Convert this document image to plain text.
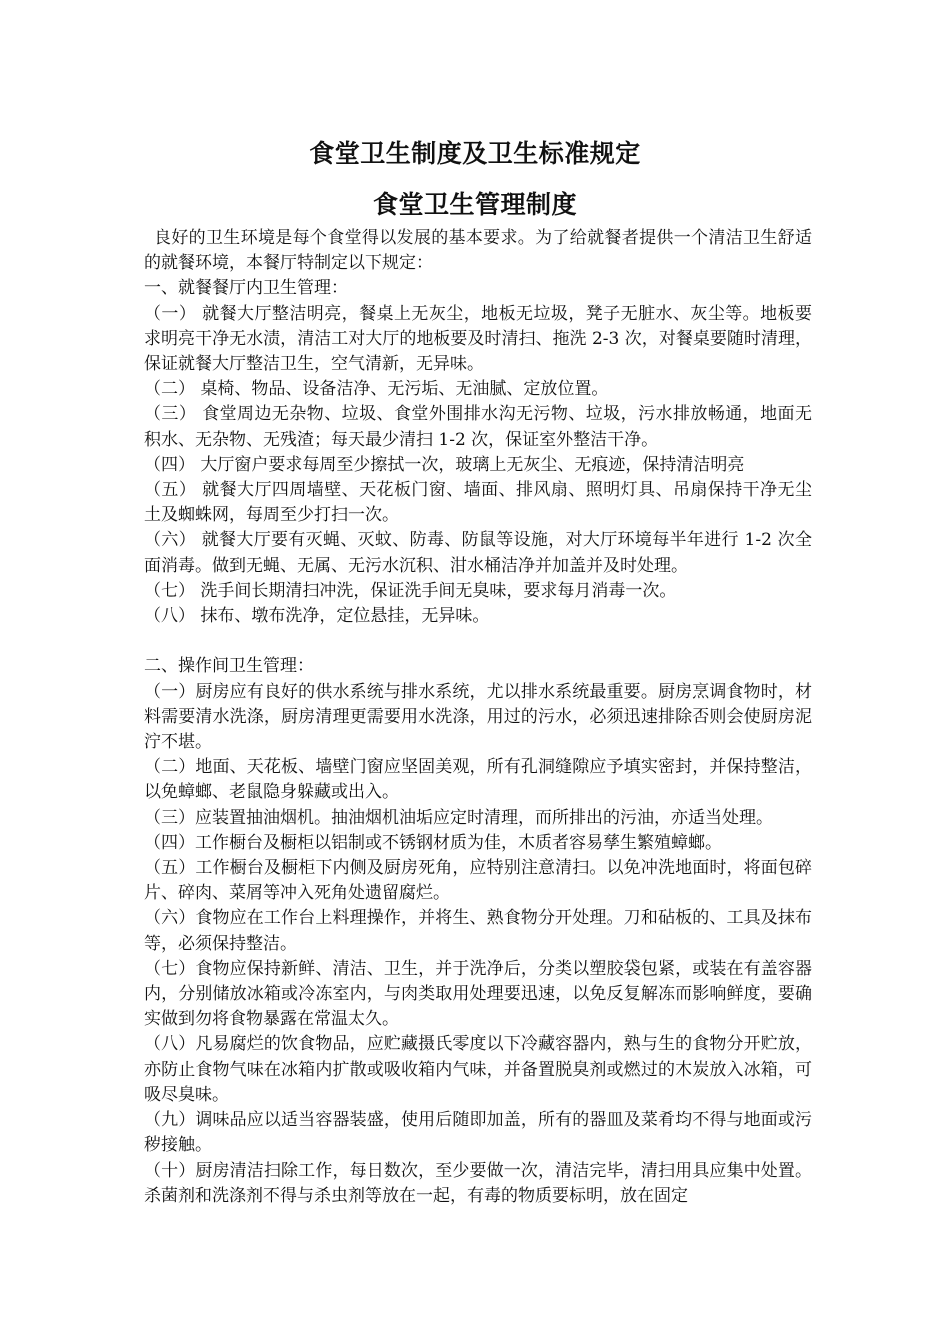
食堂卫生制度及卫生标准规定
食堂卫生管理制度

良好的卫生环境是每个食堂得以发展的基本要求。为了给就餐者提供一个清洁卫生舒适的就餐环境，本餐厅特制定以下规定：

一、就餐餐厅内卫生管理：

（一） 就餐大厅整洁明亮，餐桌上无灰尘，地板无垃圾，凳子无脏水、灰尘等。地板要求明亮干净无水渍，清洁工对大厅的地板要及时清扫、拖洗 2-3 次，对餐桌要随时清理，保证就餐大厅整洁卫生，空气清新，无异味。

（二） 桌椅、物品、设备洁净、无污垢、无油腻、定放位置。

（三） 食堂周边无杂物、垃圾、食堂外围排水沟无污物、垃圾，污水排放畅通，地面无积水、无杂物、无残渣；每天最少清扫 1-2 次，保证室外整洁干净。

（四） 大厅窗户要求每周至少擦拭一次，玻璃上无灰尘、无痕迹，保持清洁明亮

（五） 就餐大厅四周墙壁、天花板门窗、墙面、排风扇、照明灯具、吊扇保持干净无尘土及蜘蛛网，每周至少打扫一次。

（六） 就餐大厅要有灭蝇、灭蚊、防毒、防鼠等设施，对大厅环境每半年进行 1-2 次全面消毒。做到无蝇、无属、无污水沉积、泔水桶洁净并加盖并及时处理。

（七） 洗手间长期清扫冲洗，保证洗手间无臭味，要求每月消毒一次。

（八） 抹布、墩布洗净，定位悬挂，无异味。

二、操作间卫生管理：

（一）厨房应有良好的供水系统与排水系统，尤以排水系统最重要。厨房烹调食物时，材料需要清水洗涤，厨房清理更需要用水洗涤，用过的污水，必须迅速排除否则会使厨房泥泞不堪。

（二）地面、天花板、墙壁门窗应坚固美观，所有孔洞缝隙应予填实密封，并保持整洁，以免蟑螂、老鼠隐身躲藏或出入。

（三）应装置抽油烟机。抽油烟机油垢应定时清理，而所排出的污油，亦适当处理。

（四）工作橱台及橱柜以铝制或不锈钢材质为佳，木质者容易孳生繁殖蟑螂。

（五）工作橱台及橱柜下内侧及厨房死角，应特别注意清扫。以免冲洗地面时，将面包碎片、碎肉、菜屑等冲入死角处遗留腐烂。

（六）食物应在工作台上料理操作，并将生、熟食物分开处理。刀和砧板的、工具及抹布等，必须保持整洁。

（七）食物应保持新鲜、清洁、卫生，并于洗净后，分类以塑胶袋包紧，或装在有盖容器内，分别储放冰箱或冷冻室内，与肉类取用处理要迅速，以免反复解冻而影响鲜度，要确实做到勿将食物暴露在常温太久。

（八）凡易腐烂的饮食物品，应贮藏摄氏零度以下冷藏容器内，熟与生的食物分开贮放，亦防止食物气味在冰箱内扩散或吸收箱内气味，并备置脱臭剂或燃过的木炭放入冰箱，可吸尽臭味。

（九）调味品应以适当容器装盛，使用后随即加盖，所有的器皿及菜肴均不得与地面或污秽接触。

（十）厨房清洁扫除工作，每日数次，至少要做一次，清洁完毕，清扫用具应集中处置。杀菌剂和洗涤剂不得与杀虫剂等放在一起，有毒的物质要标明，放在固定
